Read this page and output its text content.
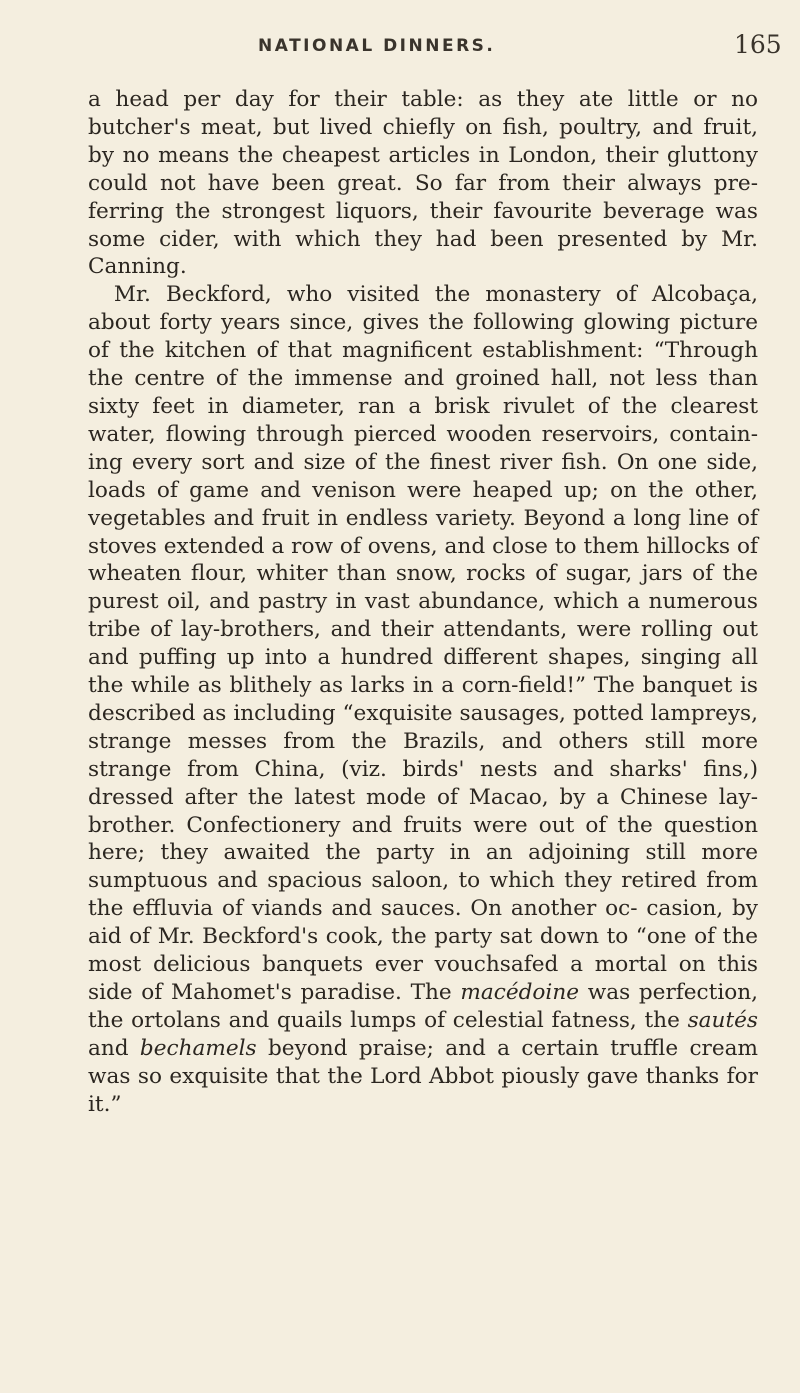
NATIONAL DINNERS.	165

a head per day for their table: as they ate little or no butcher's meat, but lived chiefly on fish, poultry, and fruit, by no means the cheapest articles in London, their gluttony could not have been great. So far from their always pre- ferring the strongest liquors, their favourite beverage was some cider, with which they had been presented by Mr. Canning.

Mr. Beckford, who visited the monastery of Alcobaça, about forty years since, gives the following glowing picture of the kitchen of that magnificent establishment: “Through the centre of the immense and groined hall, not less than sixty feet in diameter, ran a brisk rivulet of the clearest water, flowing through pierced wooden reservoirs, contain- ing every sort and size of the finest river fish. On one side, loads of game and venison were heaped up; on the other, vegetables and fruit in endless variety. Beyond a long line of stoves extended a row of ovens, and close to them hillocks of wheaten flour, whiter than snow, rocks of sugar, jars of the purest oil, and pastry in vast abundance, which a numerous tribe of lay-brothers, and their attendants, were rolling out and puffing up into a hundred different shapes, singing all the while as blithely as larks in a corn-field!” The banquet is described as including “exquisite sausages, potted lampreys, strange messes from the Brazils, and others still more strange from China, (viz. birds' nests and sharks' fins,) dressed after the latest mode of Macao, by a Chinese lay-brother. Confectionery and fruits were out of the question here; they awaited the party in an adjoining still more sumptuous and spacious saloon, to which they retired from the effluvia of viands and sauces. On another oc- casion, by aid of Mr. Beckford's cook, the party sat down to “one of the most delicious banquets ever vouchsafed a mortal on this side of Mahomet's paradise. The macédoine was perfection, the ortolans and quails lumps of celestial fatness, the sautés and bechamels beyond praise; and a certain truffle cream was so exquisite that the Lord Abbot piously gave thanks for it.”
